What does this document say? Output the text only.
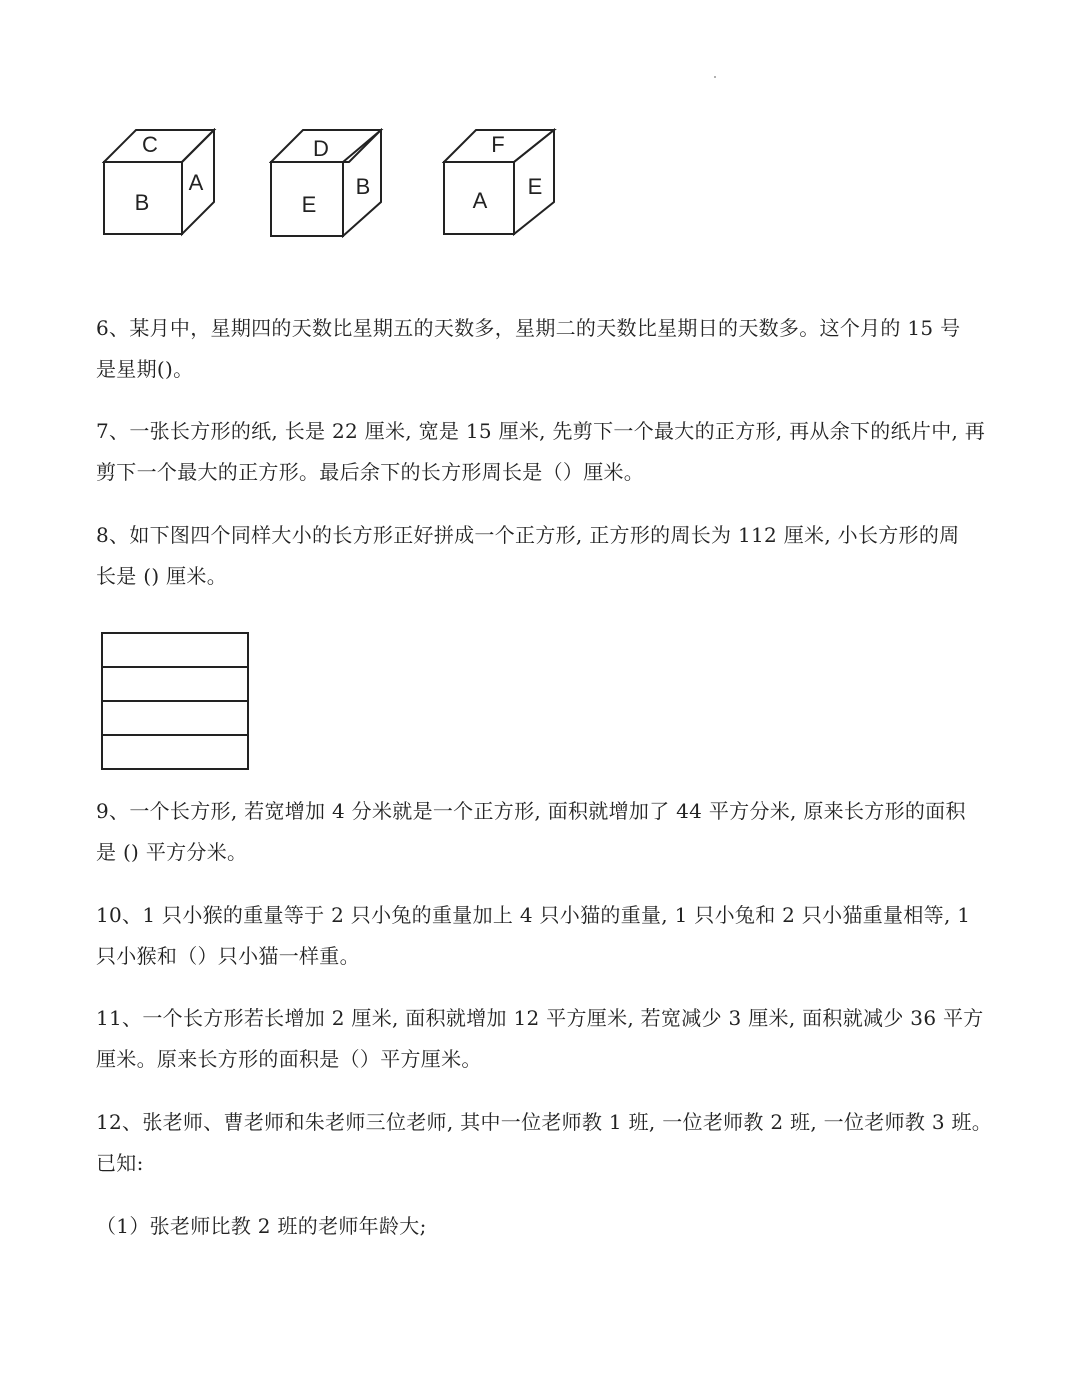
C
B
A
D
E
B
F
A
E
6、某月中，星期四的天数比星期五的天数多，星期二的天数比星期日的天数多。这个月的 15 号
是星期()。
7、一张长方形的纸, 长是 22 厘米, 宽是 15 厘米, 先剪下一个最大的正方形, 再从余下的纸片中, 再
剪下一个最大的正方形。最后余下的长方形周长是（）厘米。
8、如下图四个同样大小的长方形正好拼成一个正方形, 正方形的周长为 112 厘米, 小长方形的周
长是 () 厘米。
9、一个长方形, 若宽增加 4 分米就是一个正方形, 面积就增加了 44 平方分米, 原来长方形的面积
是 () 平方分米。
10、1 只小猴的重量等于 2 只小兔的重量加上 4 只小猫的重量, 1 只小兔和 2 只小猫重量相等, 1
只小猴和（）只小猫一样重。
11、一个长方形若长增加 2 厘米, 面积就增加 12 平方厘米, 若宽减少 3 厘米, 面积就减少 36 平方
厘米。原来长方形的面积是（）平方厘米。
12、张老师、曹老师和朱老师三位老师, 其中一位老师教 1 班, 一位老师教 2 班, 一位老师教 3 班。
已知:
（1）张老师比教 2 班的老师年龄大;
